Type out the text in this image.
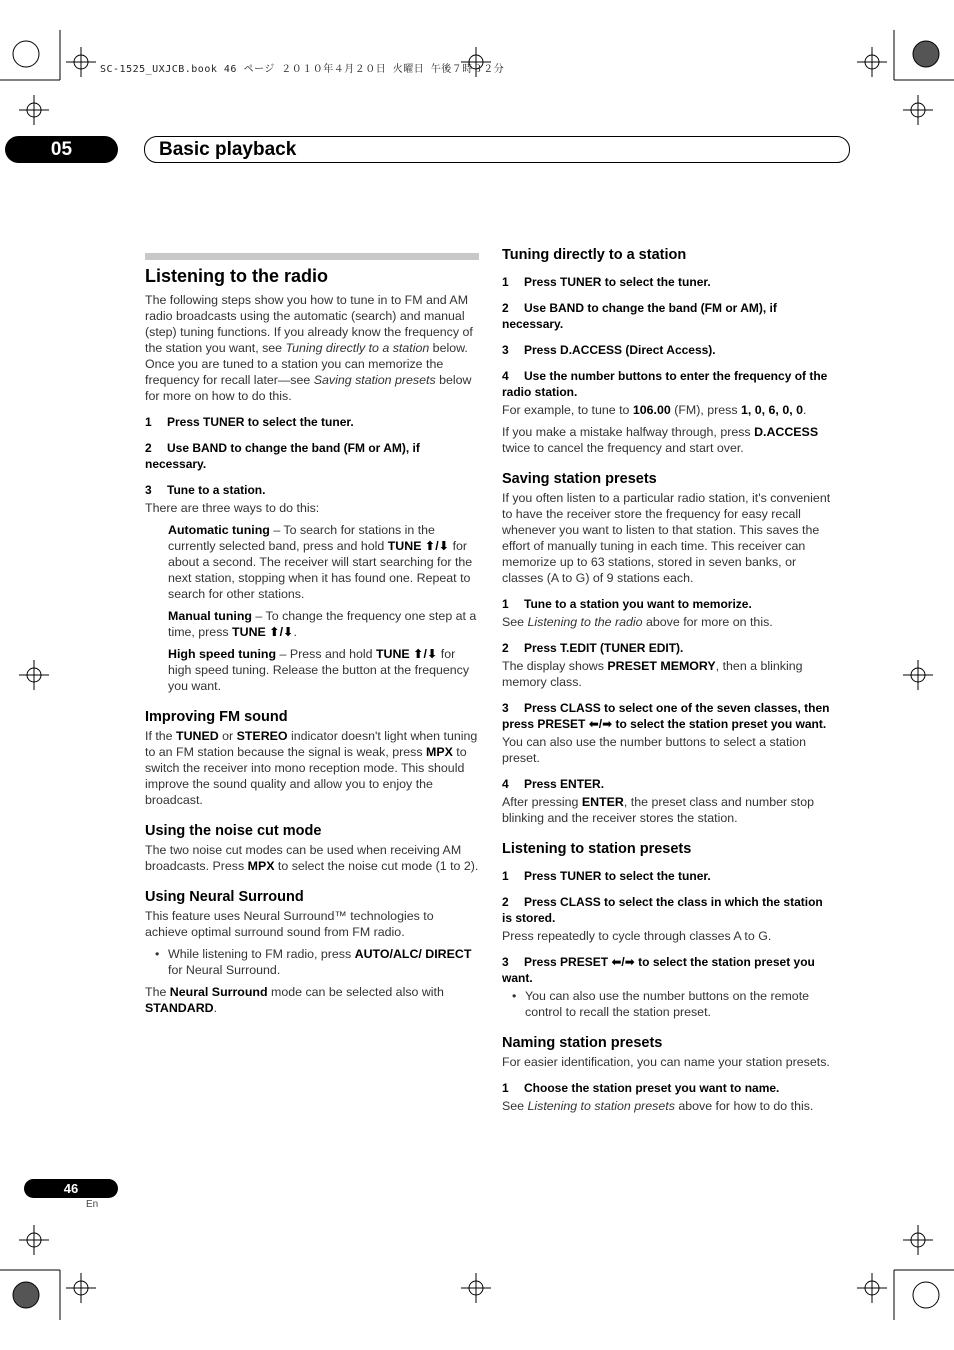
SC-1525_UXJCB.book 46 ページ ２０１０年４月２０日 火曜日 午後７時３２分
05	Basic playback
Listening to the radio

The following steps show you how to tune in to FM and AM radio broadcasts using the automatic (search) and manual (step) tuning functions. If you already know the frequency of the station you want, see Tuning directly to a station below. Once you are tuned to a station you can memorize the frequency for recall later—see Saving station presets below for more on how to do this.

1 Press TUNER to select the tuner.
2 Use BAND to change the band (FM or AM), if necessary.
3 Tune to a station.

There are three ways to do this:

Automatic tuning – To search for stations in the currently selected band, press and hold TUNE ⬆/⬇ for about a second. The receiver will start searching for the next station, stopping when it has found one. Repeat to search for other stations.

Manual tuning – To change the frequency one step at a time, press TUNE ⬆/⬇.

High speed tuning – Press and hold TUNE ⬆/⬇ for high speed tuning. Release the button at the frequency you want.

Improving FM sound

If the TUNED or STEREO indicator doesn't light when tuning to an FM station because the signal is weak, press MPX to switch the receiver into mono reception mode. This should improve the sound quality and allow you to enjoy the broadcast.

Using the noise cut mode

The two noise cut modes can be used when receiving AM broadcasts. Press MPX to select the noise cut mode (1 to 2).

Using Neural Surround

This feature uses Neural Surround™ technologies to achieve optimal surround sound from FM radio.

• While listening to FM radio, press AUTO/ALC/ DIRECT for Neural Surround.

The Neural Surround mode can be selected also with STANDARD.

Tuning directly to a station
1 Press TUNER to select the tuner.
2 Use BAND to change the band (FM or AM), if necessary.
3 Press D.ACCESS (Direct Access).
4 Use the number buttons to enter the frequency of the radio station.

For example, to tune to 106.00 (FM), press 1, 0, 6, 0, 0.

If you make a mistake halfway through, press D.ACCESS twice to cancel the frequency and start over.

Saving station presets

If you often listen to a particular radio station, it's convenient to have the receiver store the frequency for easy recall whenever you want to listen to that station. This saves the effort of manually tuning in each time. This receiver can memorize up to 63 stations, stored in seven banks, or classes (A to G) of 9 stations each.

1 Tune to a station you want to memorize.

See Listening to the radio above for more on this.

2 Press T.EDIT (TUNER EDIT).

The display shows PRESET MEMORY, then a blinking memory class.

3 Press CLASS to select one of the seven classes, then press PRESET ⬅/➡ to select the station preset you want.

You can also use the number buttons to select a station preset.

4 Press ENTER.

After pressing ENTER, the preset class and number stop blinking and the receiver stores the station.

Listening to station presets
1 Press TUNER to select the tuner.
2 Press CLASS to select the class in which the station is stored.

Press repeatedly to cycle through classes A to G.

3 Press PRESET ⬅/➡ to select the station preset you want.

• You can also use the number buttons on the remote control to recall the station preset.

Naming station presets

For easier identification, you can name your station presets.

1 Choose the station preset you want to name.

See Listening to station presets above for how to do this.

46
En
